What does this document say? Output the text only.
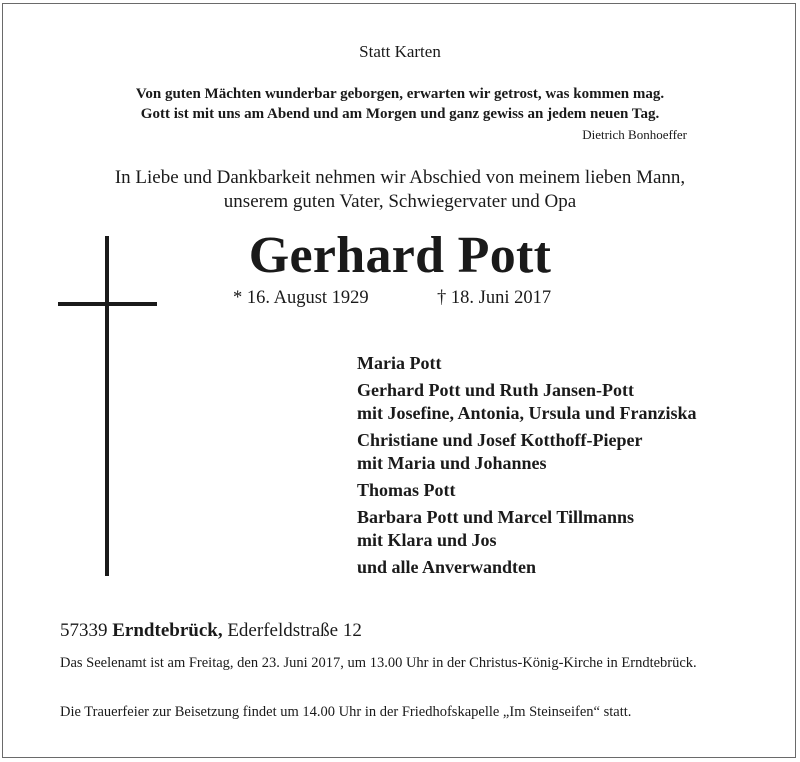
Statt Karten
Von guten Mächten wunderbar geborgen, erwarten wir getrost, was kommen mag.
Gott ist mit uns am Abend und am Morgen und ganz gewiss an jedem neuen Tag.
Dietrich Bonhoeffer
In Liebe und Dankbarkeit nehmen wir Abschied von meinem lieben Mann,
unserem guten Vater, Schwiegervater und Opa
Gerhard Pott
* 16. August 1929	† 18. Juni 2017
Maria Pott
Gerhard Pott und Ruth Jansen-Pott
mit Josefine, Antonia, Ursula und Franziska
Christiane und Josef Kotthoff-Pieper
mit Maria und Johannes
Thomas Pott
Barbara Pott und Marcel Tillmanns
mit Klara und Jos
und alle Anverwandten
57339 Erndtebrück, Ederfeldstraße 12
Das Seelenamt ist am Freitag, den 23. Juni 2017, um 13.00 Uhr in der Christus-König-Kirche in Erndtebrück.
Die Trauerfeier zur Beisetzung findet um 14.00 Uhr in der Friedhofskapelle „Im Steinseifen“ statt.
